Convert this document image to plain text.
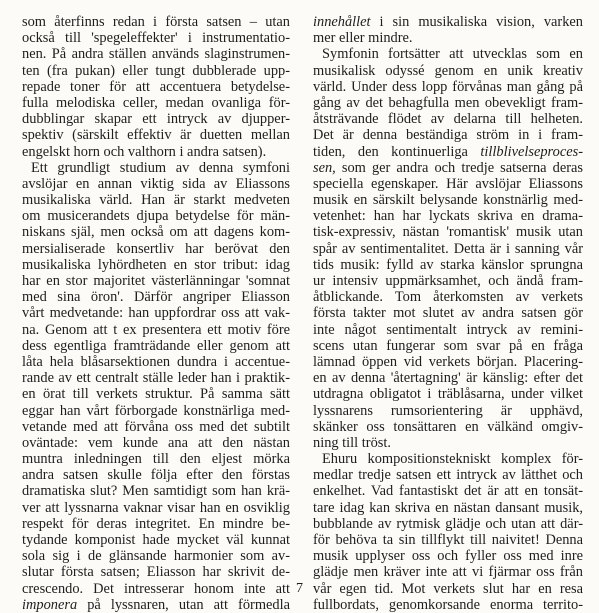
som återfinns redan i första satsen – utan
också till 'spegeleffekter' i instrumentatio-
nen. På andra ställen används slaginstrumen-
ten (fra pukan) eller tungt dubblerade upp-
repade toner för att accentuera betydelse-
fulla melodiska celler, medan ovanliga för-
dubblingar skapar ett intryck av djupper-
spektiv (särskilt effektiv är duetten mellan
engelskt horn och valthorn i andra satsen).
Ett grundligt studium av denna symfoni
avslöjar en annan viktig sida av Eliassons
musikaliska värld. Han är starkt medveten
om musicerandets djupa betydelse för män-
niskans själ, men också om att dagens kom-
mersialiserade konsertliv har berövat den
musikaliska lyhördheten en stor tribut: idag
har en stor majoritet västerlänningar 'somnat
med sina öron'. Därför angriper Eliasson
vårt medvetande: han uppfordrar oss att vak-
na. Genom att t ex presentera ett motiv före
dess egentliga framträdande eller genom att
låta hela blåsarsektionen dundra i accentue-
rande av ett centralt ställe leder han i praktik-
en örat till verkets struktur. På samma sätt
eggar han vårt förborgade konstnärliga med-
vetande med att förvåna oss med det subtilt
oväntade: vem kunde ana att den nästan
muntra inledningen till den eljest mörka
andra satsen skulle följa efter den förstas
dramatiska slut? Men samtidigt som han krä-
ver att lyssnarna vaknar visar han en osviklig
respekt för deras integritet. En mindre be-
tydande komponist hade mycket väl kunnat
sola sig i de glänsande harmonier som av-
slutar första satsen; Eliasson har skrivit de-
crescendo. Det intresserar honom inte att
imponera på lyssnaren, utan att förmedla
innehållet i sin musikaliska vision, varken
mer eller mindre.
Symfonin fortsätter att utvecklas som en
musikalisk odyssé genom en unik kreativ
värld. Under dess lopp förvånas man gång på
gång av det behagfulla men obevekligt fram-
åtsträvande flödet av delarna till helheten.
Det är denna beständiga ström in i fram-
tiden, den kontinuerliga tillblivelseproces-
sen, som ger andra och tredje satserna deras
speciella egenskaper. Här avslöjar Eliassons
musik en särskilt belysande konstnärlig med-
vetenhet: han har lyckats skriva en drama-
tisk-expressiv, nästan 'romantisk' musik utan
spår av sentimentalitet. Detta är i sanning vår
tids musik: fylld av starka känslor sprungna
ur intensiv uppmärksamhet, och ändå fram-
åtblickande. Tom återkomsten av verkets
första takter mot slutet av andra satsen gör
inte något sentimentalt intryck av remini-
scens utan fungerar som svar på en fråga
lämnad öppen vid verkets början. Placering-
en av denna 'återtagning' är känslig: efter det
utdragna obligatot i träblåsarna, under vilket
lyssnarens rumsorientering är upphävd,
skänker oss tonsättaren en välkänd omgiv-
ning till tröst.
Ehuru kompositionstekniskt komplex för-
medlar tredje satsen ett intryck av lätthet och
enkelhet. Vad fantastiskt det är att en tonsät-
tare idag kan skriva en nästan dansant musik,
bubblande av rytmisk glädje och utan att där-
för behöva ta sin tillflykt till naivitet! Denna
musik upplyser oss och fyller oss med inre
glädje men kräver inte att vi fjärmar oss från
vår egen tid. Mot verkets slut har en resa
fullbordats, genomkorsande enorma territo-
7
